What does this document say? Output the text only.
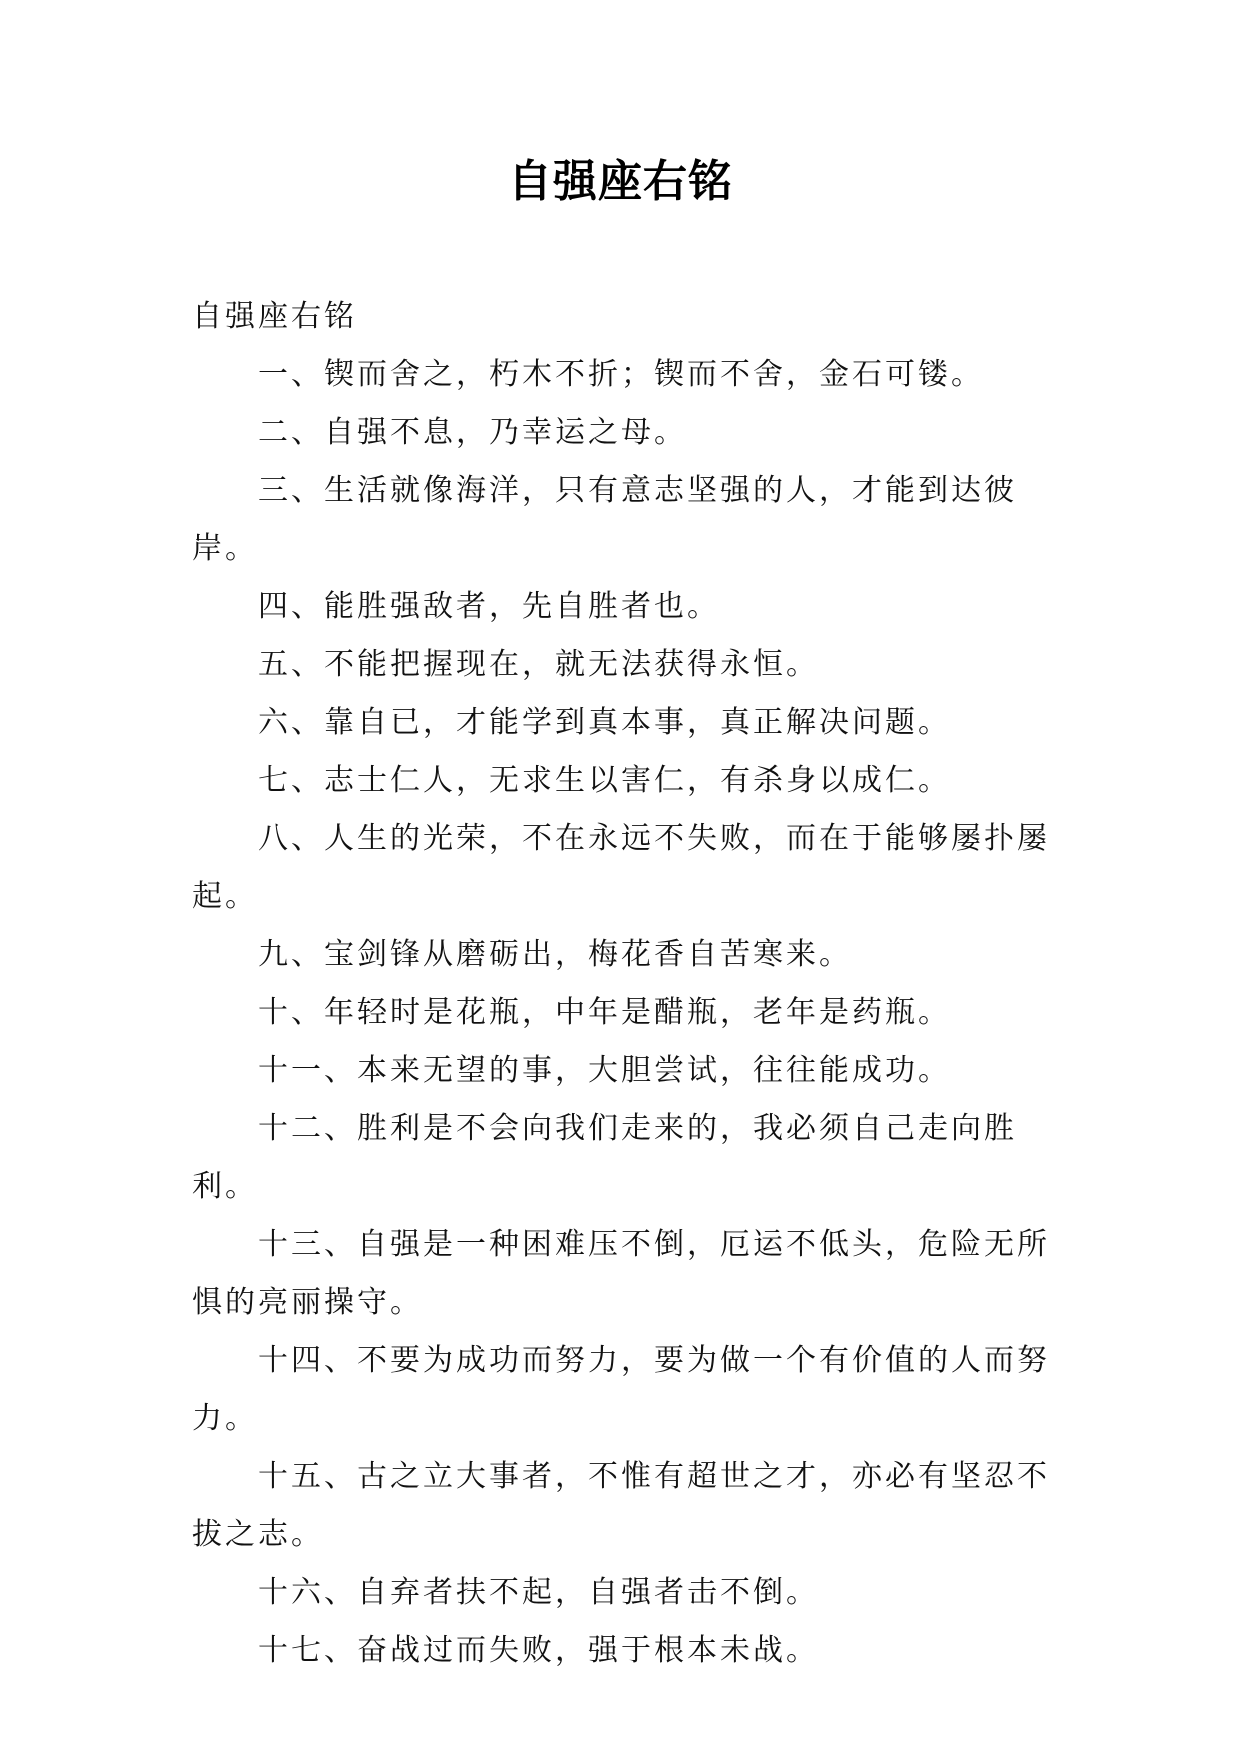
自强座右铭

自强座右铭

一、锲而舍之，朽木不折；锲而不舍，金石可镂。

二、自强不息，乃幸运之母。

三、生活就像海洋，只有意志坚强的人，才能到达彼岸。

四、能胜强敌者，先自胜者也。

五、不能把握现在，就无法获得永恒。

六、靠自已，才能学到真本事，真正解决问题。

七、志士仁人，无求生以害仁，有杀身以成仁。

八、人生的光荣，不在永远不失败，而在于能够屡扑屡起。

九、宝剑锋从磨砺出，梅花香自苦寒来。

十、年轻时是花瓶，中年是醋瓶，老年是药瓶。

十一、本来无望的事，大胆尝试，往往能成功。

十二、胜利是不会向我们走来的，我必须自己走向胜利。

十三、自强是一种困难压不倒，厄运不低头，危险无所惧的亮丽操守。

十四、不要为成功而努力，要为做一个有价值的人而努力。

十五、古之立大事者，不惟有超世之才，亦必有坚忍不拔之志。

十六、自弃者扶不起，自强者击不倒。

十七、奋战过而失败，强于根本未战。
